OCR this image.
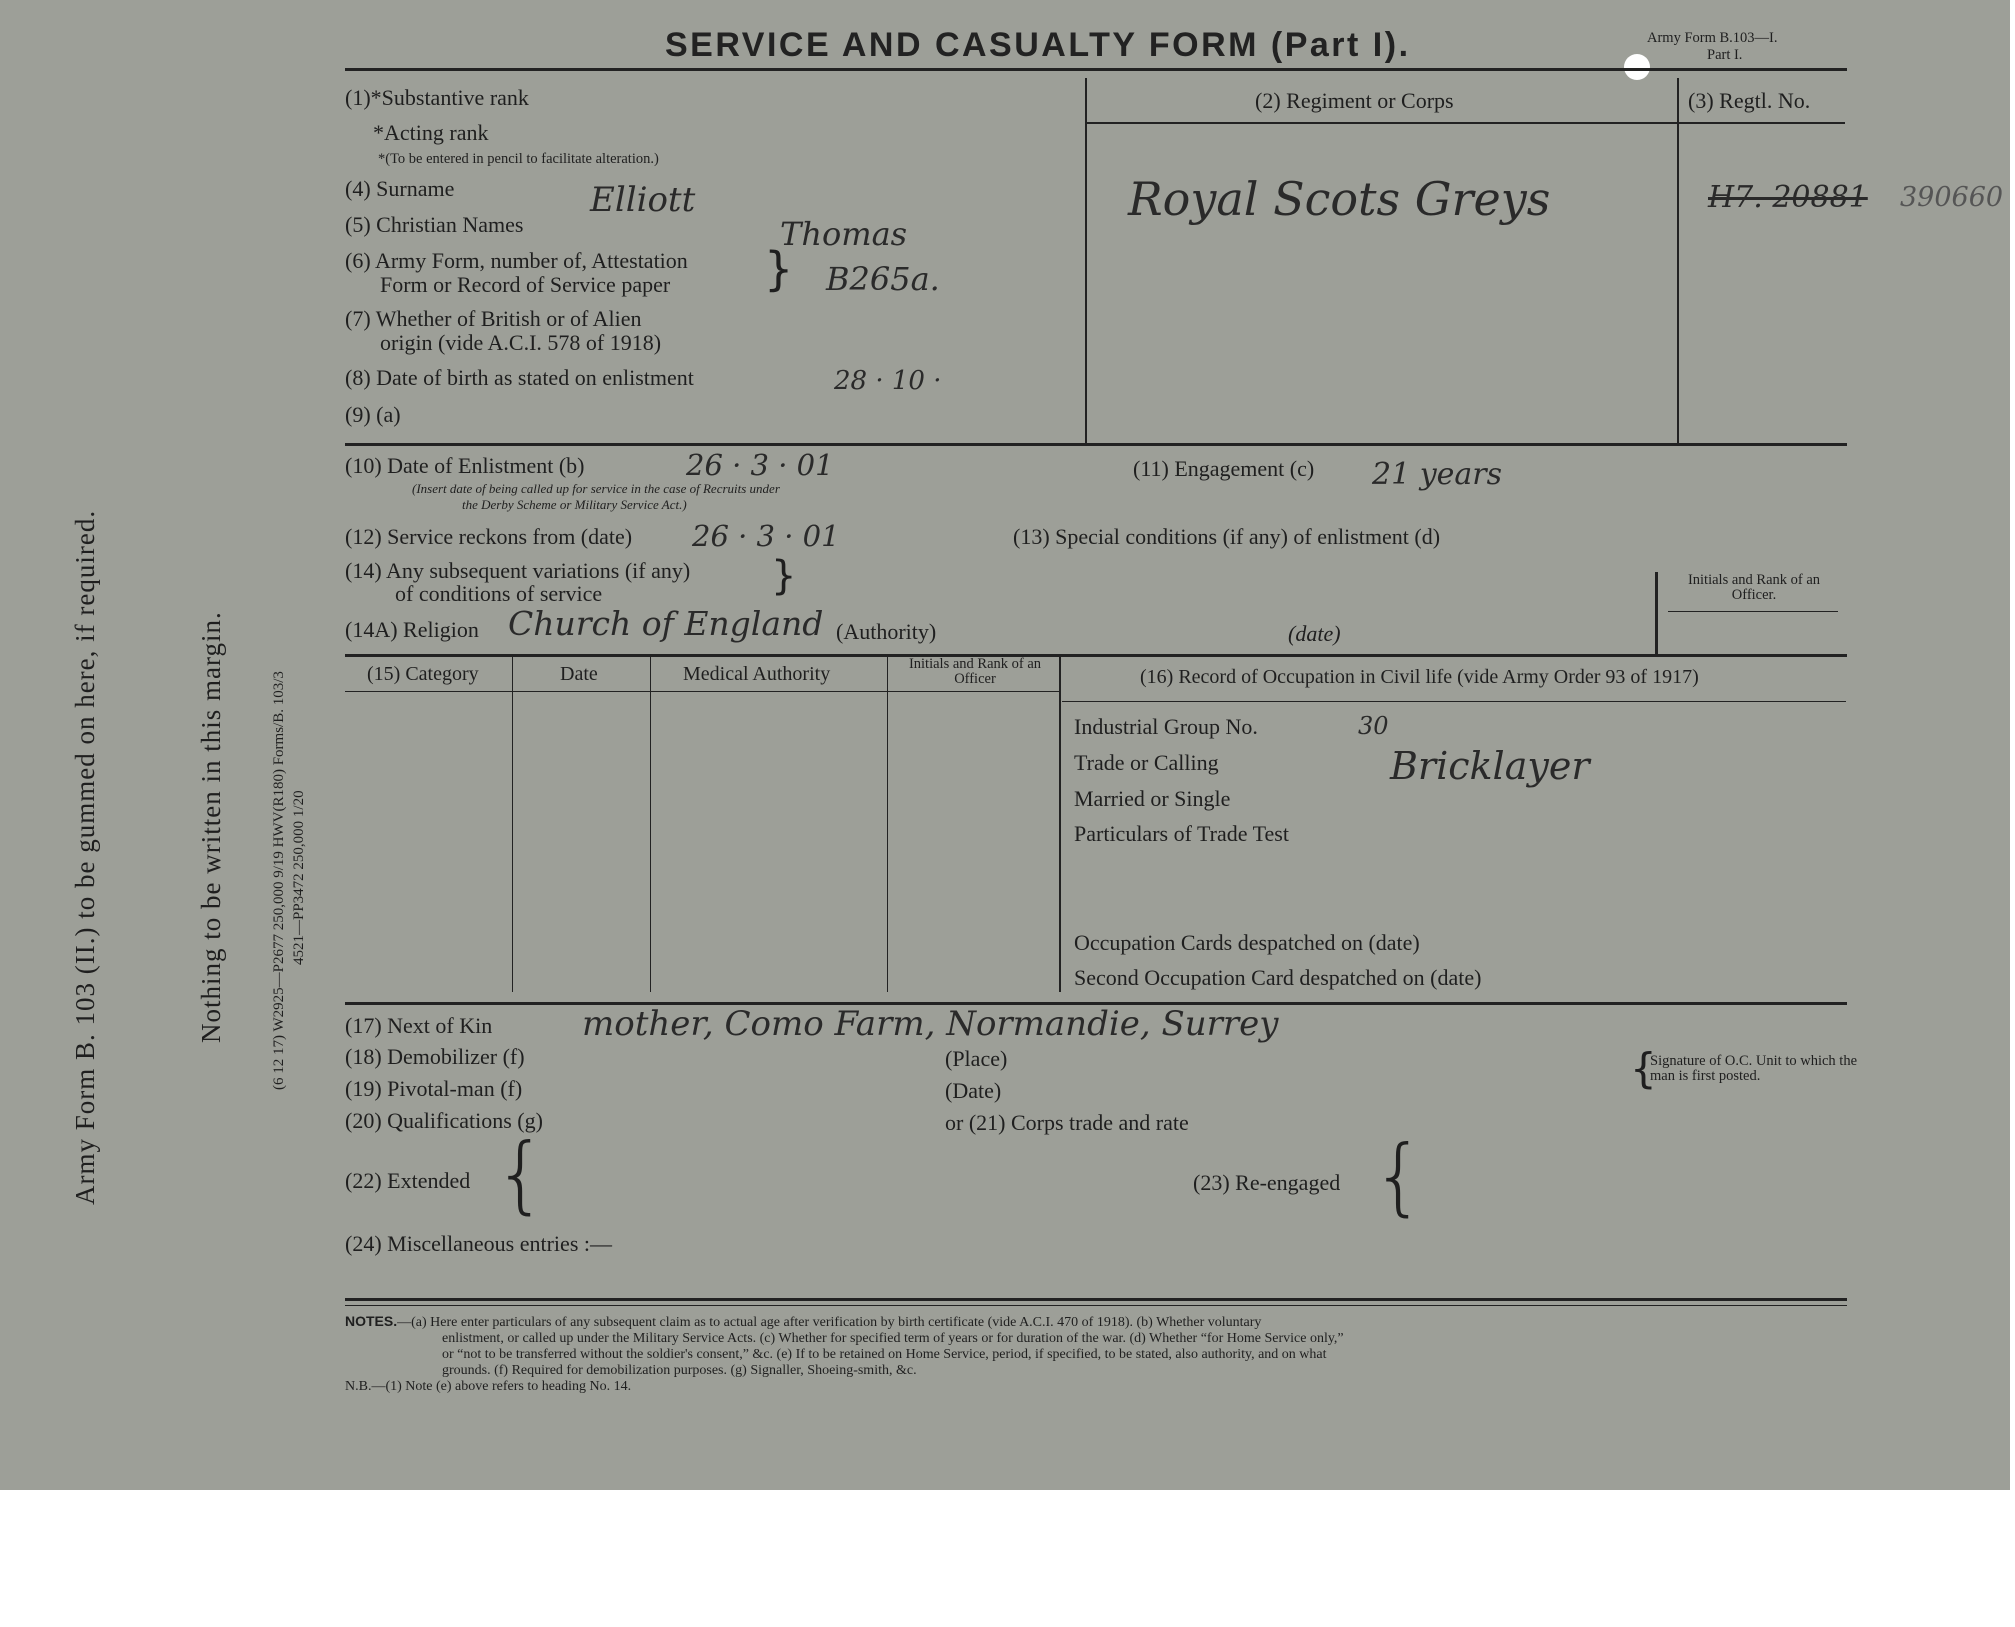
SERVICE AND CASUALTY FORM (Part I).	Army Form B.103—I.
Part I.
Army Form B. 103 (II.) to be gummed on here, if required.	Nothing to be written in this margin.	(6 12 17) W2925—P2677 250,000 9/19 HWV(R180) Forms/B. 103/3 4521—PP3472 250,000 1/20
(1)*Substantive rank
*Acting rank
*(To be entered in pencil to facilitate alteration.)
(2) Regiment or Corps	(3) Regtl. No.
(4) Surname	Elliott
(5) Christian Names	Thomas
(6) Army Form, number of, Attestation
Form or Record of Service paper } B265a.
(7) Whether of British or of Alien
origin (vide A.C.I. 578 of 1918)
(8) Date of birth as stated on enlistment	28 · 10 ·
(9) (a)
Royal Scots Greys	H7. 20881 390660
(10) Date of Enlistment (b)	26 · 3 · 01
(Insert date of being called up for service in the case of Recruits under
the Derby Scheme or Military Service Act.)
(11) Engagement (c) 21 years
(12) Service reckons from (date) 26 · 3 · 01	(13) Special conditions (if any) of enlistment (d)
(14) Any subsequent variations (if any)
of conditions of service	}	Initials and Rank of an Officer.
(14A) Religion Church of England (Authority)	(date)
(15) Category	Date	Medical Authority	Initials and Rank of an Officer	(16) Record of Occupation in Civil life (vide Army Order 93 of 1917)
Industrial Group No.	30
Trade or Calling	Bricklayer
Married or Single
Particulars of Trade Test
Occupation Cards despatched on (date)
Second Occupation Card despatched on (date)
(17) Next of Kin	mother, Como Farm, Normandie, Surrey
(18) Demobilizer (f)	(Place)	{
Signature of O.C. Unit to which the man is first posted.
(19) Pivotal-man (f)	(Date)
(20) Qualifications (g)	or (21) Corps trade and rate
(22) Extended {	(23) Re-engaged {
(24) Miscellaneous entries :—
NOTES.—(a) Here enter particulars of any subsequent claim as to actual age after verification by birth certificate (vide A.C.I. 470 of 1918). (b) Whether voluntary
enlistment, or called up under the Military Service Acts. (c) Whether for specified term of years or for duration of the war. (d) Whether “for Home Service only,”
or “not to be transferred without the soldier's consent,” &c. (e) If to be retained on Home Service, period, if specified, to be stated, also authority, and on what
grounds. (f) Required for demobilization purposes. (g) Signaller, Shoeing-smith, &c.
N.B.—(1) Note (e) above refers to heading No. 14.
